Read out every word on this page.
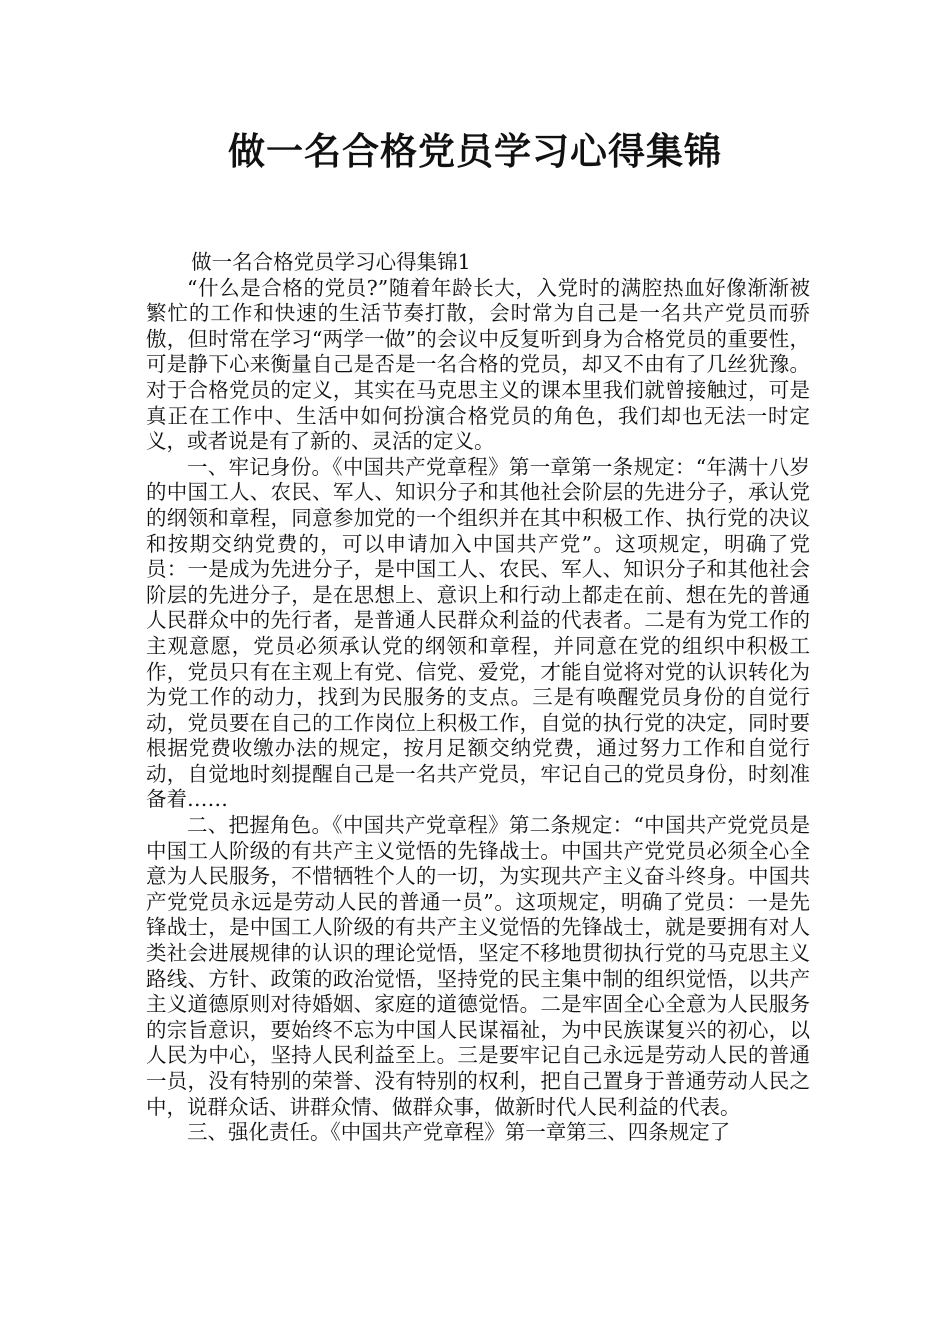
做一名合格党员学习心得集锦

做一名合格党员学习心得集锦1

“什么是合格的党员?”随着年龄长大，入党时的满腔热血好像渐渐被繁忙的工作和快速的生活节奏打散，会时常为自己是一名共产党员而骄傲，但时常在学习“两学一做”的会议中反复听到身为合格党员的重要性，可是静下心来衡量自己是否是一名合格的党员，却又不由有了几丝犹豫。对于合格党员的定义，其实在马克思主义的课本里我们就曾接触过，可是真正在工作中、生活中如何扮演合格党员的角色，我们却也无法一时定义，或者说是有了新的、灵活的定义。

一、牢记身份。《中国共产党章程》第一章第一条规定：“年满十八岁的中国工人、农民、军人、知识分子和其他社会阶层的先进分子，承认党的纲领和章程，同意参加党的一个组织并在其中积极工作、执行党的决议和按期交纳党费的，可以申请加入中国共产党”。这项规定，明确了党员：一是成为先进分子，是中国工人、农民、军人、知识分子和其他社会阶层的先进分子，是在思想上、意识上和行动上都走在前、想在先的普通人民群众中的先行者，是普通人民群众利益的代表者。二是有为党工作的主观意愿，党员必须承认党的纲领和章程，并同意在党的组织中积极工作，党员只有在主观上有党、信党、爱党，才能自觉将对党的认识转化为为党工作的动力，找到为民服务的支点。三是有唤醒党员身份的自觉行动，党员要在自己的工作岗位上积极工作，自觉的执行党的决定，同时要根据党费收缴办法的规定，按月足额交纳党费，通过努力工作和自觉行动，自觉地时刻提醒自己是一名共产党员，牢记自己的党员身份，时刻准备着……

二、把握角色。《中国共产党章程》第二条规定：“中国共产党党员是中国工人阶级的有共产主义觉悟的先锋战士。中国共产党党员必须全心全意为人民服务，不惜牺牲个人的一切，为实现共产主义奋斗终身。中国共产党党员永远是劳动人民的普通一员”。这项规定，明确了党员：一是先锋战士，是中国工人阶级的有共产主义觉悟的先锋战士，就是要拥有对人类社会进展规律的认识的理论觉悟，坚定不移地贯彻执行党的马克思主义路线、方针、政策的政治觉悟，坚持党的民主集中制的组织觉悟，以共产主义道德原则对待婚姻、家庭的道德觉悟。二是牢固全心全意为人民服务的宗旨意识，要始终不忘为中国人民谋福祉，为中民族谋复兴的初心，以人民为中心，坚持人民利益至上。三是要牢记自己永远是劳动人民的普通一员，没有特别的荣誉、没有特别的权利，把自己置身于普通劳动人民之中，说群众话、讲群众情、做群众事，做新时代人民利益的代表。

三、强化责任。《中国共产党章程》第一章第三、四条规定了
